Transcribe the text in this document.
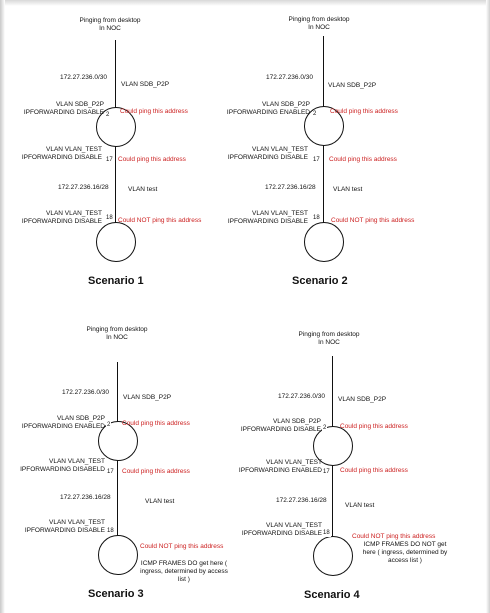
Pinging from desktop
In NOC
172.27.236.0/30
VLAN SDB_P2P
2
VLAN SDB_P2P
IPFORWARDING DISABLE Could ping this address
17
VLAN VLAN_TEST
IPFORWARDING DISABLE Could ping this address
172.27.236.16/28	VLAN test
18
VLAN VLAN_TEST
IPFORWARDING DISABLE Could NOT ping this address
Scenario 1
Pinging from desktop
In NOC
172.27.236.0/30
VLAN SDB_P2P
2
VLAN SDB_P2P
IPFORWARDING ENABLED	Could ping this address
17
VLAN VLAN_TEST
IPFORWARDING DISABLE	Could ping this address
172.27.236.16/28	VLAN test
18
VLAN VLAN_TEST
IPFORWARDING DISABLE	Could NOT ping this address
Scenario 2
Pinging from desktop
In NOC
172.27.236.0/30
VLAN SDB_P2P
2
VLAN SDB_P2P
IPFORWARDING ENABLED	Could ping this address
17
VLAN VLAN_TEST
IPFORWARDING DISABELD	Could ping this address
172.27.236.16/28
VLAN test
18
VLAN VLAN_TEST
IPFORWARDING DISABLE
Could NOT ping this address
ICMP FRAMES DO get here ( ingress, determined by access list )
Scenario 3
Pinging from desktop
In NOC
172.27.236.0/30 VLAN SDB_P2P
2
VLAN SDB_P2P
IPFORWARDING DISABLE	Could ping this address
17
VLAN VLAN_TEST
IPFORWARDING ENABLED	Could ping this address
172.27.236.16/28
VLAN test
18
VLAN VLAN_TEST
IPFORWARDING DISABLE	Could NOT ping this address
ICMP FRAMES DO NOT get here ( ingress, determined by access list )
Scenario 4
